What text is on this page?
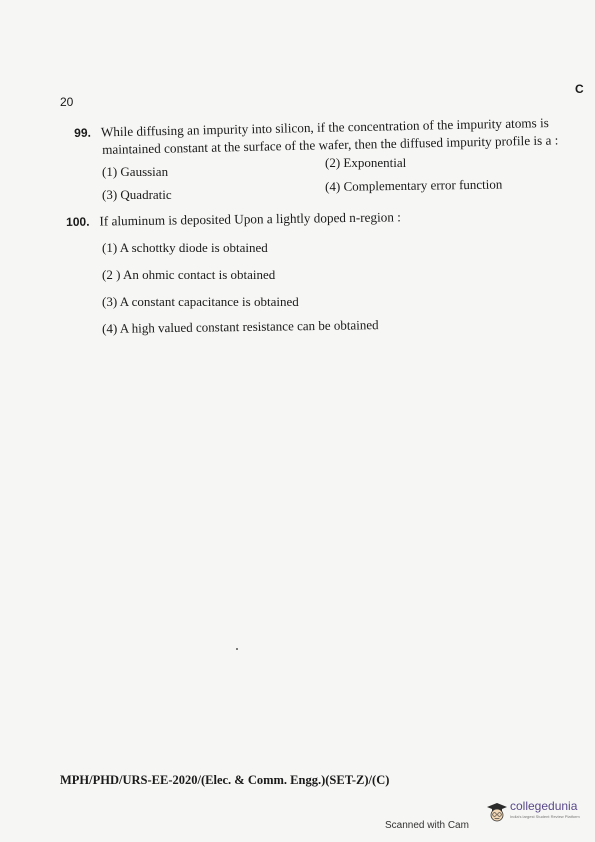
20
C
99. While diffusing an impurity into silicon, if the concentration of the impurity atoms is
maintained constant at the surface of the wafer, then the diffused impurity profile is a :
(1) Gaussian
(2) Exponential
(3) Quadratic
(4) Complementary error function
100. If aluminum is deposited Upon a lightly doped n-region :
(1) A schottky diode is obtained
(2 ) An ohmic contact is obtained
(3) A constant capacitance is obtained
(4) A high valued constant resistance can be obtained
MPH/PHD/URS-EE-2020/(Elec. & Comm. Engg.)(SET-Z)/(C)
Scanned with Cam
collegedunia
India's largest Student Review Platform
